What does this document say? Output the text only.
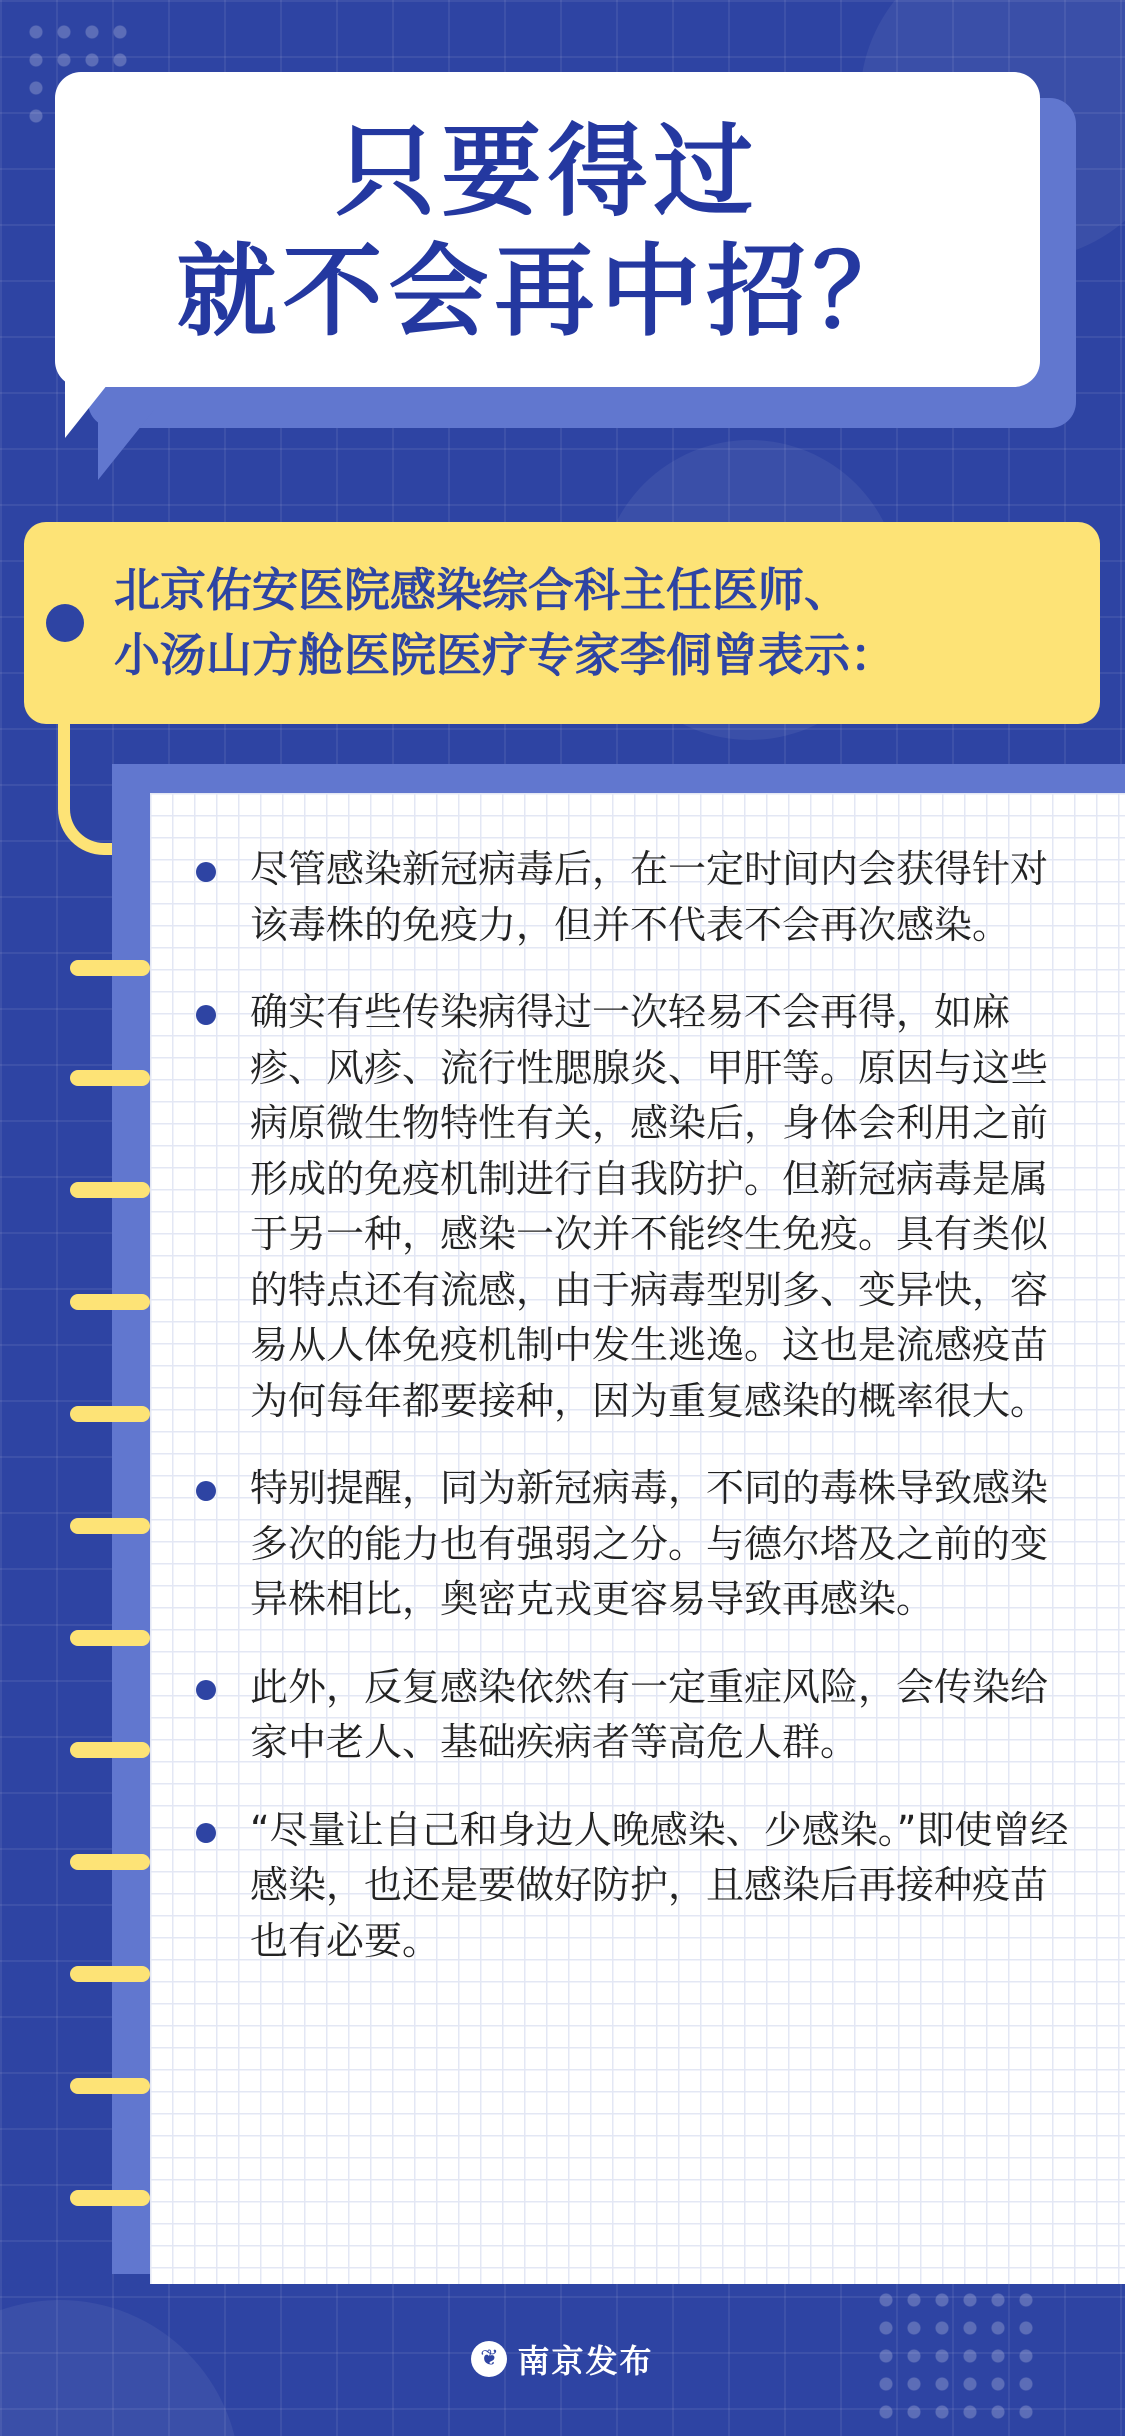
只要得过
就不会再中招？
北京佑安医院感染综合科主任医师、
小汤山方舱医院医疗专家李侗曾表示：
尽管感染新冠病毒后，在一定时间内会获得针对该毒株的免疫力，但并不代表不会再次感染。
确实有些传染病得过一次轻易不会再得，如麻疹、风疹、流行性腮腺炎、甲肝等。原因与这些病原微生物特性有关，感染后，身体会利用之前形成的免疫机制进行自我防护。但新冠病毒是属于另一种，感染一次并不能终生免疫。具有类似的特点还有流感，由于病毒型别多、变异快，容易从人体免疫机制中发生逃逸。这也是流感疫苗为何每年都要接种，因为重复感染的概率很大。
特别提醒，同为新冠病毒，不同的毒株导致感染多次的能力也有强弱之分。与德尔塔及之前的变异株相比，奥密克戎更容易导致再感染。
此外，反复感染依然有一定重症风险，会传染给家中老人、基础疾病者等高危人群。
“尽量让自己和身边人晚感染、少感染。”即使曾经感染，也还是要做好防护，且感染后再接种疫苗也有必要。
❦ 南京发布
